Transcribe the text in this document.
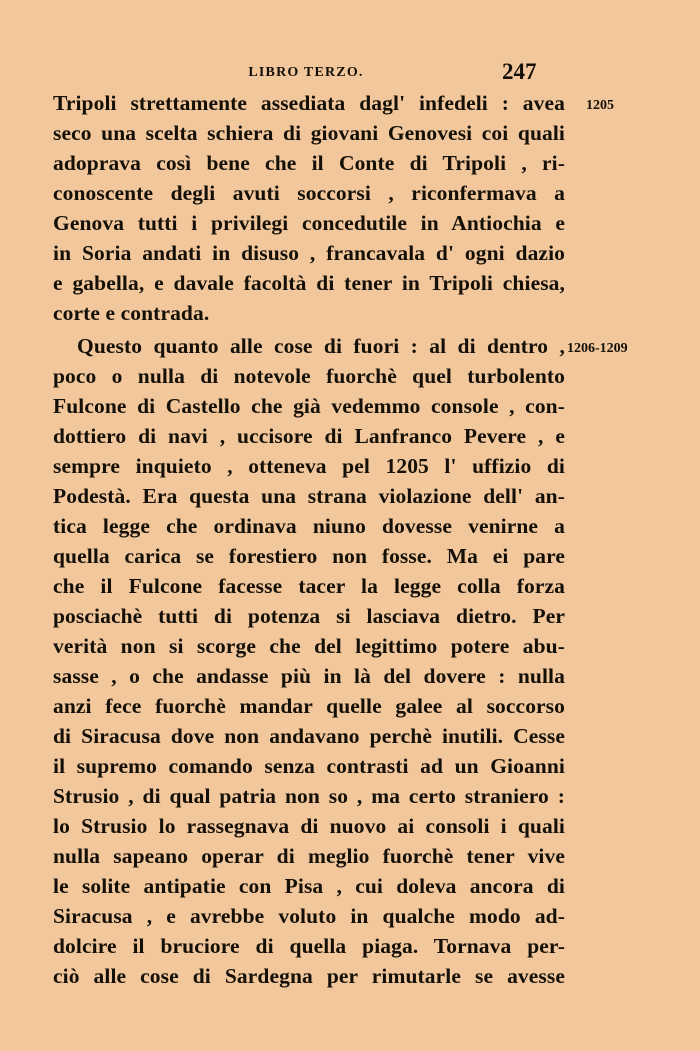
LIBRO TERZO.	247
1205
1206-1209
Tripoli strettamente assediata dagl' infedeli : avea
seco una scelta schiera di giovani Genovesi coi quali
adoprava così bene che il Conte di Tripoli , ri-
conoscente degli avuti soccorsi , riconfermava a
Genova tutti i privilegi concedutile in Antiochia e
in Soria andati in disuso , francavala d' ogni dazio
e gabella, e davale facoltà di tener in Tripoli chiesa,
corte e contrada.
Questo quanto alle cose di fuori : al di dentro ,
poco o nulla di notevole fuorchè quel turbolento
Fulcone di Castello che già vedemmo console , con-
dottiero di navi , uccisore di Lanfranco Pevere , e
sempre inquieto , otteneva pel 1205 l' uffizio di
Podestà. Era questa una strana violazione dell' an-
tica legge che ordinava niuno dovesse venirne a
quella carica se forestiero non fosse. Ma ei pare
che il Fulcone facesse tacer la legge colla forza
posciachè tutti di potenza si lasciava dietro. Per
verità non si scorge che del legittimo potere abu-
sasse , o che andasse più in là del dovere : nulla
anzi fece fuorchè mandar quelle galee al soccorso
di Siracusa dove non andavano perchè inutili. Cesse
il supremo comando senza contrasti ad un Gioanni
Strusio , di qual patria non so , ma certo straniero :
lo Strusio lo rassegnava di nuovo ai consoli i quali
nulla sapeano operar di meglio fuorchè tener vive
le solite antipatie con Pisa , cui doleva ancora di
Siracusa , e avrebbe voluto in qualche modo ad-
dolcire il bruciore di quella piaga. Tornava per-
ciò alle cose di Sardegna per rimutarle se avesse
